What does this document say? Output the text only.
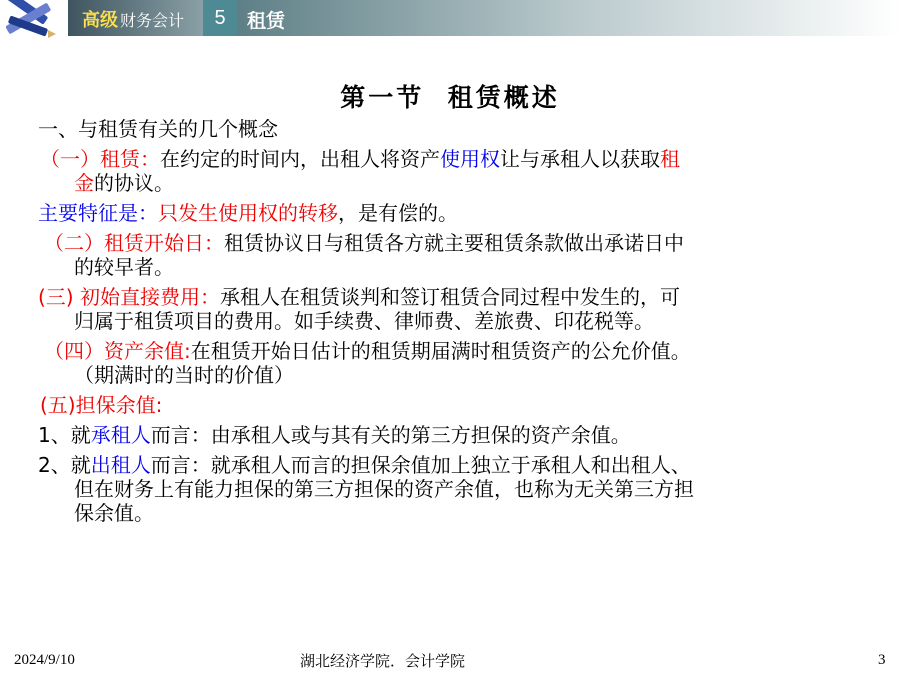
高级 财务会计	5	租赁
第一节  租赁概述
一、与租赁有关的几个概念
（一）租赁：在约定的时间内，出租人将资产使用权让与承租人以获取租
金的协议。
主要特征是：只发生使用权的转移，是有偿的。
（二）租赁开始日：租赁协议日与租赁各方就主要租赁条款做出承诺日中
的较早者。
(三) 初始直接费用：承租人在租赁谈判和签订租赁合同过程中发生的，可
归属于租赁项目的费用。如手续费、律师费、差旅费、印花税等。
（四）资产余值:在租赁开始日估计的租赁期届满时租赁资产的公允价值。
（期满时的当时的价值）
(五)担保余值:
1、就承租人而言：由承租人或与其有关的第三方担保的资产余值。
2、就出租人而言：就承租人而言的担保余值加上独立于承租人和出租人、
但在财务上有能力担保的第三方担保的资产余值，也称为无关第三方担
保余值。
2024/9/10	湖北经济学院．会计学院	3
